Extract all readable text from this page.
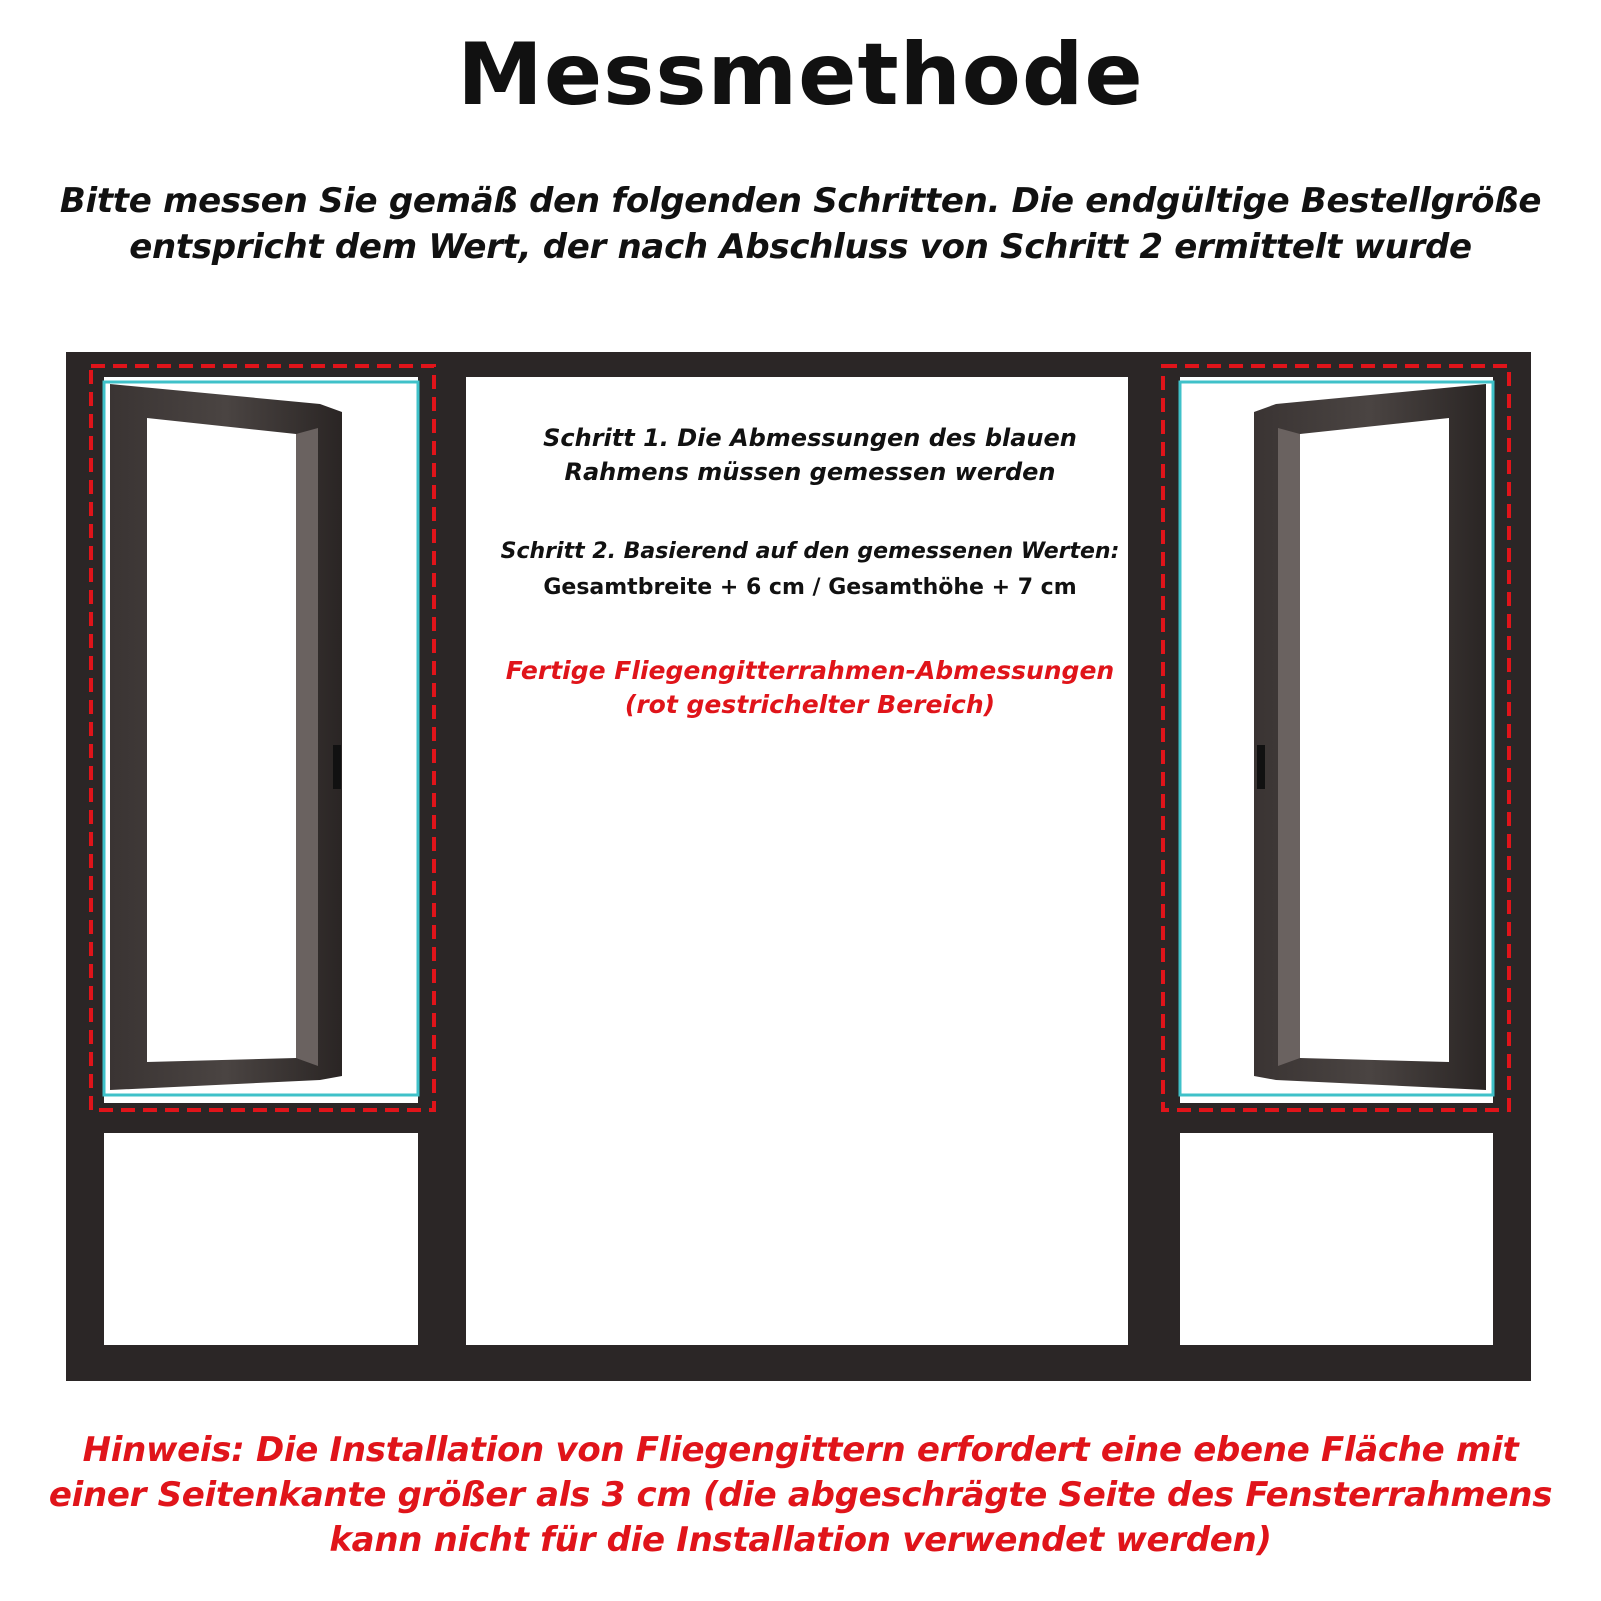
Messmethode
Bitte messen Sie gemäß den folgenden Schritten. Die endgültige Bestellgröße
entspricht dem Wert, der nach Abschluss von Schritt 2 ermittelt wurde
Schritt 1. Die Abmessungen des blauen
Rahmens müssen gemessen werden
Schritt 2. Basierend auf den gemessenen Werten:
Gesamtbreite + 6 cm / Gesamthöhe + 7 cm
Fertige Fliegengitterrahmen-Abmessungen
(rot gestrichelter Bereich)
Hinweis: Die Installation von Fliegengittern erfordert eine ebene Fläche mit
einer Seitenkante größer als 3 cm (die abgeschrägte Seite des Fensterrahmens
kann nicht für die Installation verwendet werden)
